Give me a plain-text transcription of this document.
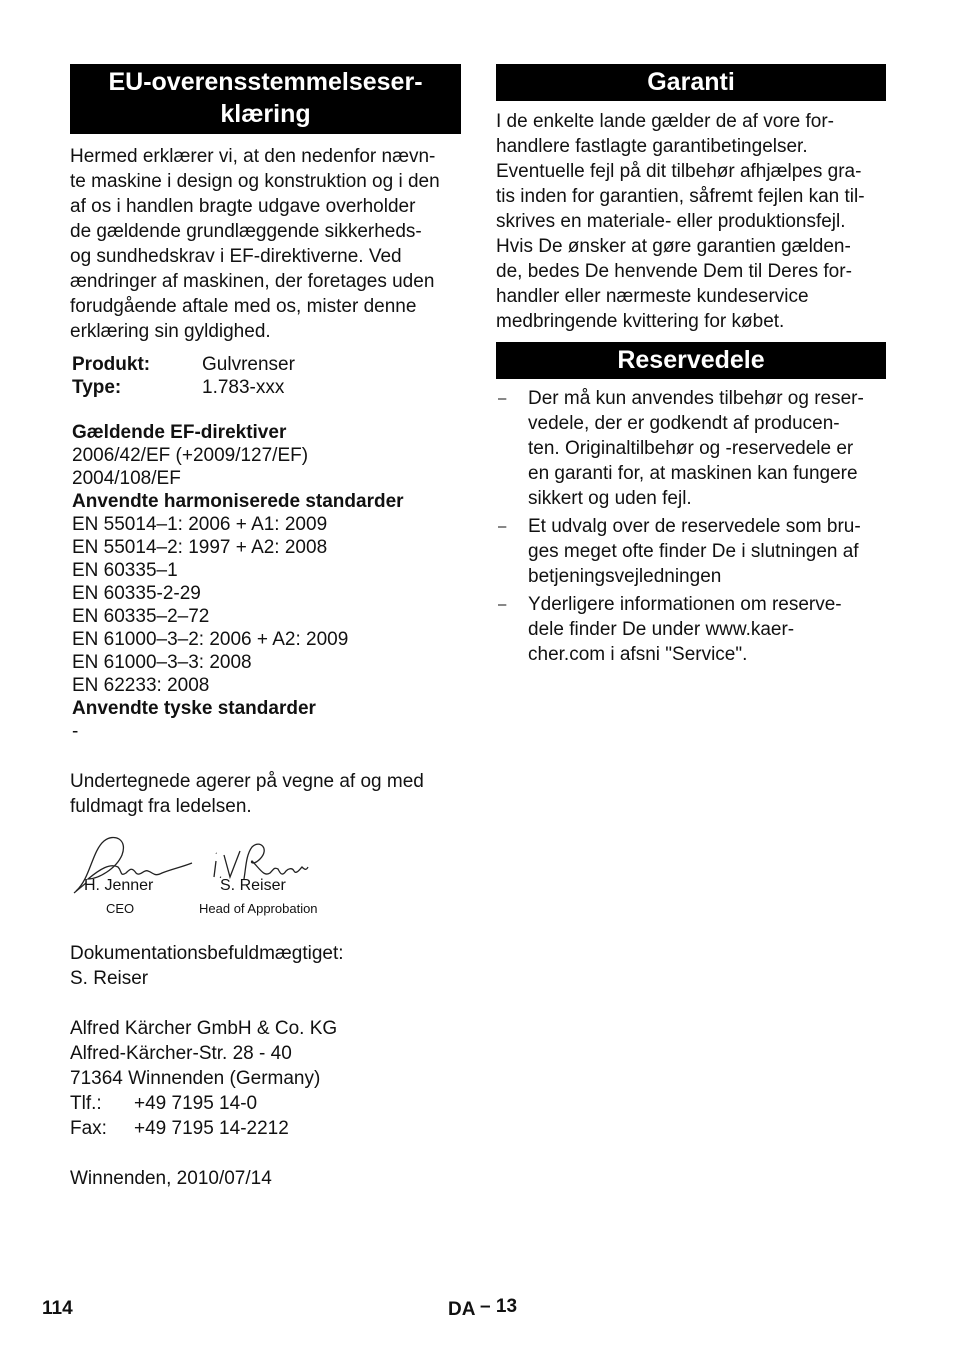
EU-overensstemmelseser-
klæring

Hermed erklærer vi, at den nedenfor nævn-

te maskine i design og konstruktion og i den

af os i handlen bragte udgave overholder

de gældende grundlæggende sikkerheds-

og sundhedskrav i EF-direktiverne. Ved

ændringer af maskinen, der foretages uden

forudgående aftale med os, mister denne

erklæring sin gyldighed.

Produkt:	Gulvrenser
Type:	1.783-xxx
Gældende EF-direktiver
2006/42/EF (+2009/127/EF)
2004/108/EF
Anvendte harmoniserede standarder
EN 55014–1: 2006 + A1: 2009
EN 55014–2: 1997 + A2: 2008
EN 60335–1
EN 60335-2-29
EN 60335–2–72
EN 61000–3–2: 2006 + A2: 2009
EN 61000–3–3: 2008
EN 62233: 2008
Anvendte tyske standarder
-

Undertegnede agerer på vegne af og med

fuldmagt fra ledelsen.

H. Jenner
CEO
S. Reiser
Head of Approbation

Dokumentationsbefuldmægtiget:

S. Reiser

Alfred Kärcher GmbH & Co. KG

Alfred-Kärcher-Str. 28 - 40

71364 Winnenden (Germany)

Tlf.:	+49 7195 14-0
Fax:	+49 7195 14-2212

Winnenden, 2010/07/14

Garanti

I de enkelte lande gælder de af vore for-

handlere fastlagte garantibetingelser.

Eventuelle fejl på dit tilbehør afhjælpes gra-

tis inden for garantien, såfremt fejlen kan til-

skrives en materiale- eller produktionsfejl.

Hvis De ønsker at gøre garantien gælden-

de, bedes De henvende Dem til Deres for-

handler eller nærmeste kundeservice

medbringende kvittering for købet.

Reservedele
– Der må kun anvendes tilbehør og reser-
vedele, der er godkendt af producen-
ten. Originaltilbehør og -reservedele er
en garanti for, at maskinen kan fungere
sikkert og uden fejl.
– Et udvalg over de reservedele som bru-
ges meget ofte finder De i slutningen af
betjeningsvejledningen
– Yderligere informationen om reserve-
dele finder De under www.kaer-
cher.com i afsni "Service".
114	DA – 13
